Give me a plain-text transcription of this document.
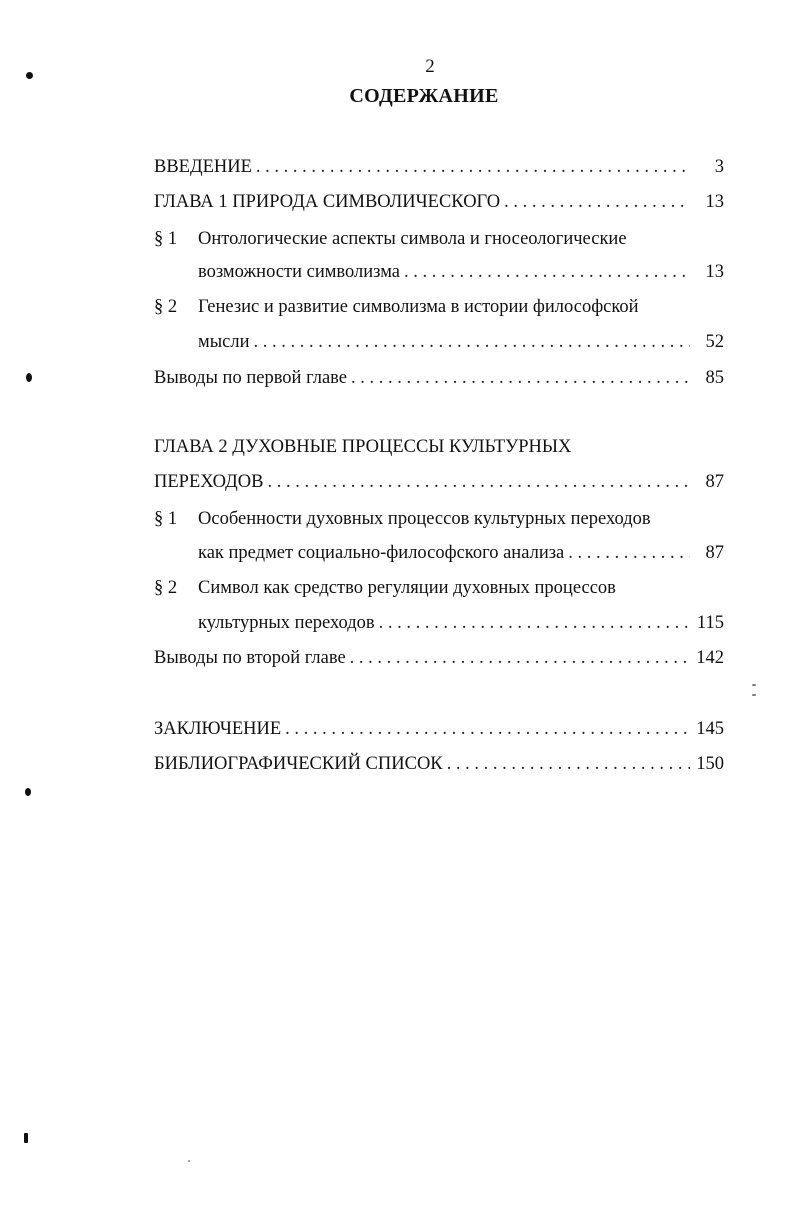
2
СОДЕРЖАНИЕ
ВВЕДЕНИЕ . . .	3
ГЛАВА 1 ПРИРОДА СИМВОЛИЧЕСКОГО . . .	13
§ 1 Онтологические аспекты символа и гносеологические
возможности символизма . . .	13
§ 2 Генезис и развитие символизма в истории философской
мысли . . .	52
Выводы по первой главе . . .	85
ГЛАВА 2 ДУХОВНЫЕ ПРОЦЕССЫ КУЛЬТУРНЫХ
ПЕРЕХОДОВ . . .	87
§ 1 Особенности духовных процессов культурных переходов
как предмет социально-философского анализа . . .	87
§ 2 Символ как средство регуляции духовных процессов
культурных переходов . . .	115
Выводы по второй главе . . .	142
ЗАКЛЮЧЕНИЕ . . .	145
БИБЛИОГРАФИЧЕСКИЙ СПИСОК . . .	150
